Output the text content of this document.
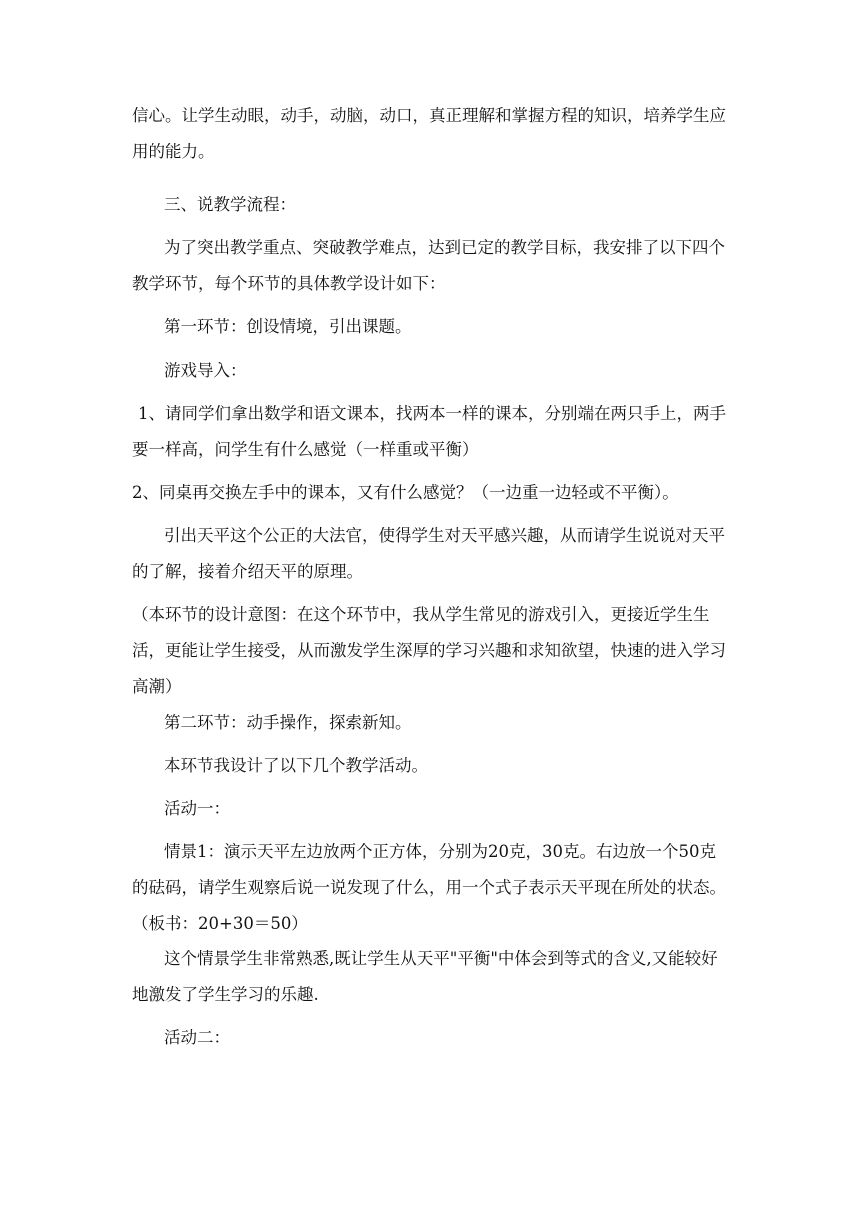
信心。让学生动眼，动手，动脑，动口，真正理解和掌握方程的知识，培养学生应用的能力。

三、说教学流程：

为了突出教学重点、突破教学难点，达到已定的教学目标，我安排了以下四个教学环节，每个环节的具体教学设计如下：

第一环节：创设情境，引出课题。

游戏导入：

1、请同学们拿出数学和语文课本，找两本一样的课本，分别端在两只手上，两手要一样高，问学生有什么感觉（一样重或平衡）

2、同桌再交换左手中的课本，又有什么感觉？（一边重一边轻或不平衡）。

引出天平这个公正的大法官，使得学生对天平感兴趣，从而请学生说说对天平的了解，接着介绍天平的原理。

（本环节的设计意图：在这个环节中，我从学生常见的游戏引入，更接近学生生活，更能让学生接受，从而激发学生深厚的学习兴趣和求知欲望，快速的进入学习高潮）

第二环节：动手操作，探索新知。

本环节我设计了以下几个教学活动。

活动一：

情景1：演示天平左边放两个正方体，分别为20克，30克。右边放一个50克的砝码，请学生观察后说一说发现了什么，用一个式子表示天平现在所处的状态。（板书：20+30＝50）

这个情景学生非常熟悉,既让学生从天平"平衡"中体会到等式的含义,又能较好地激发了学生学习的乐趣.

活动二：
